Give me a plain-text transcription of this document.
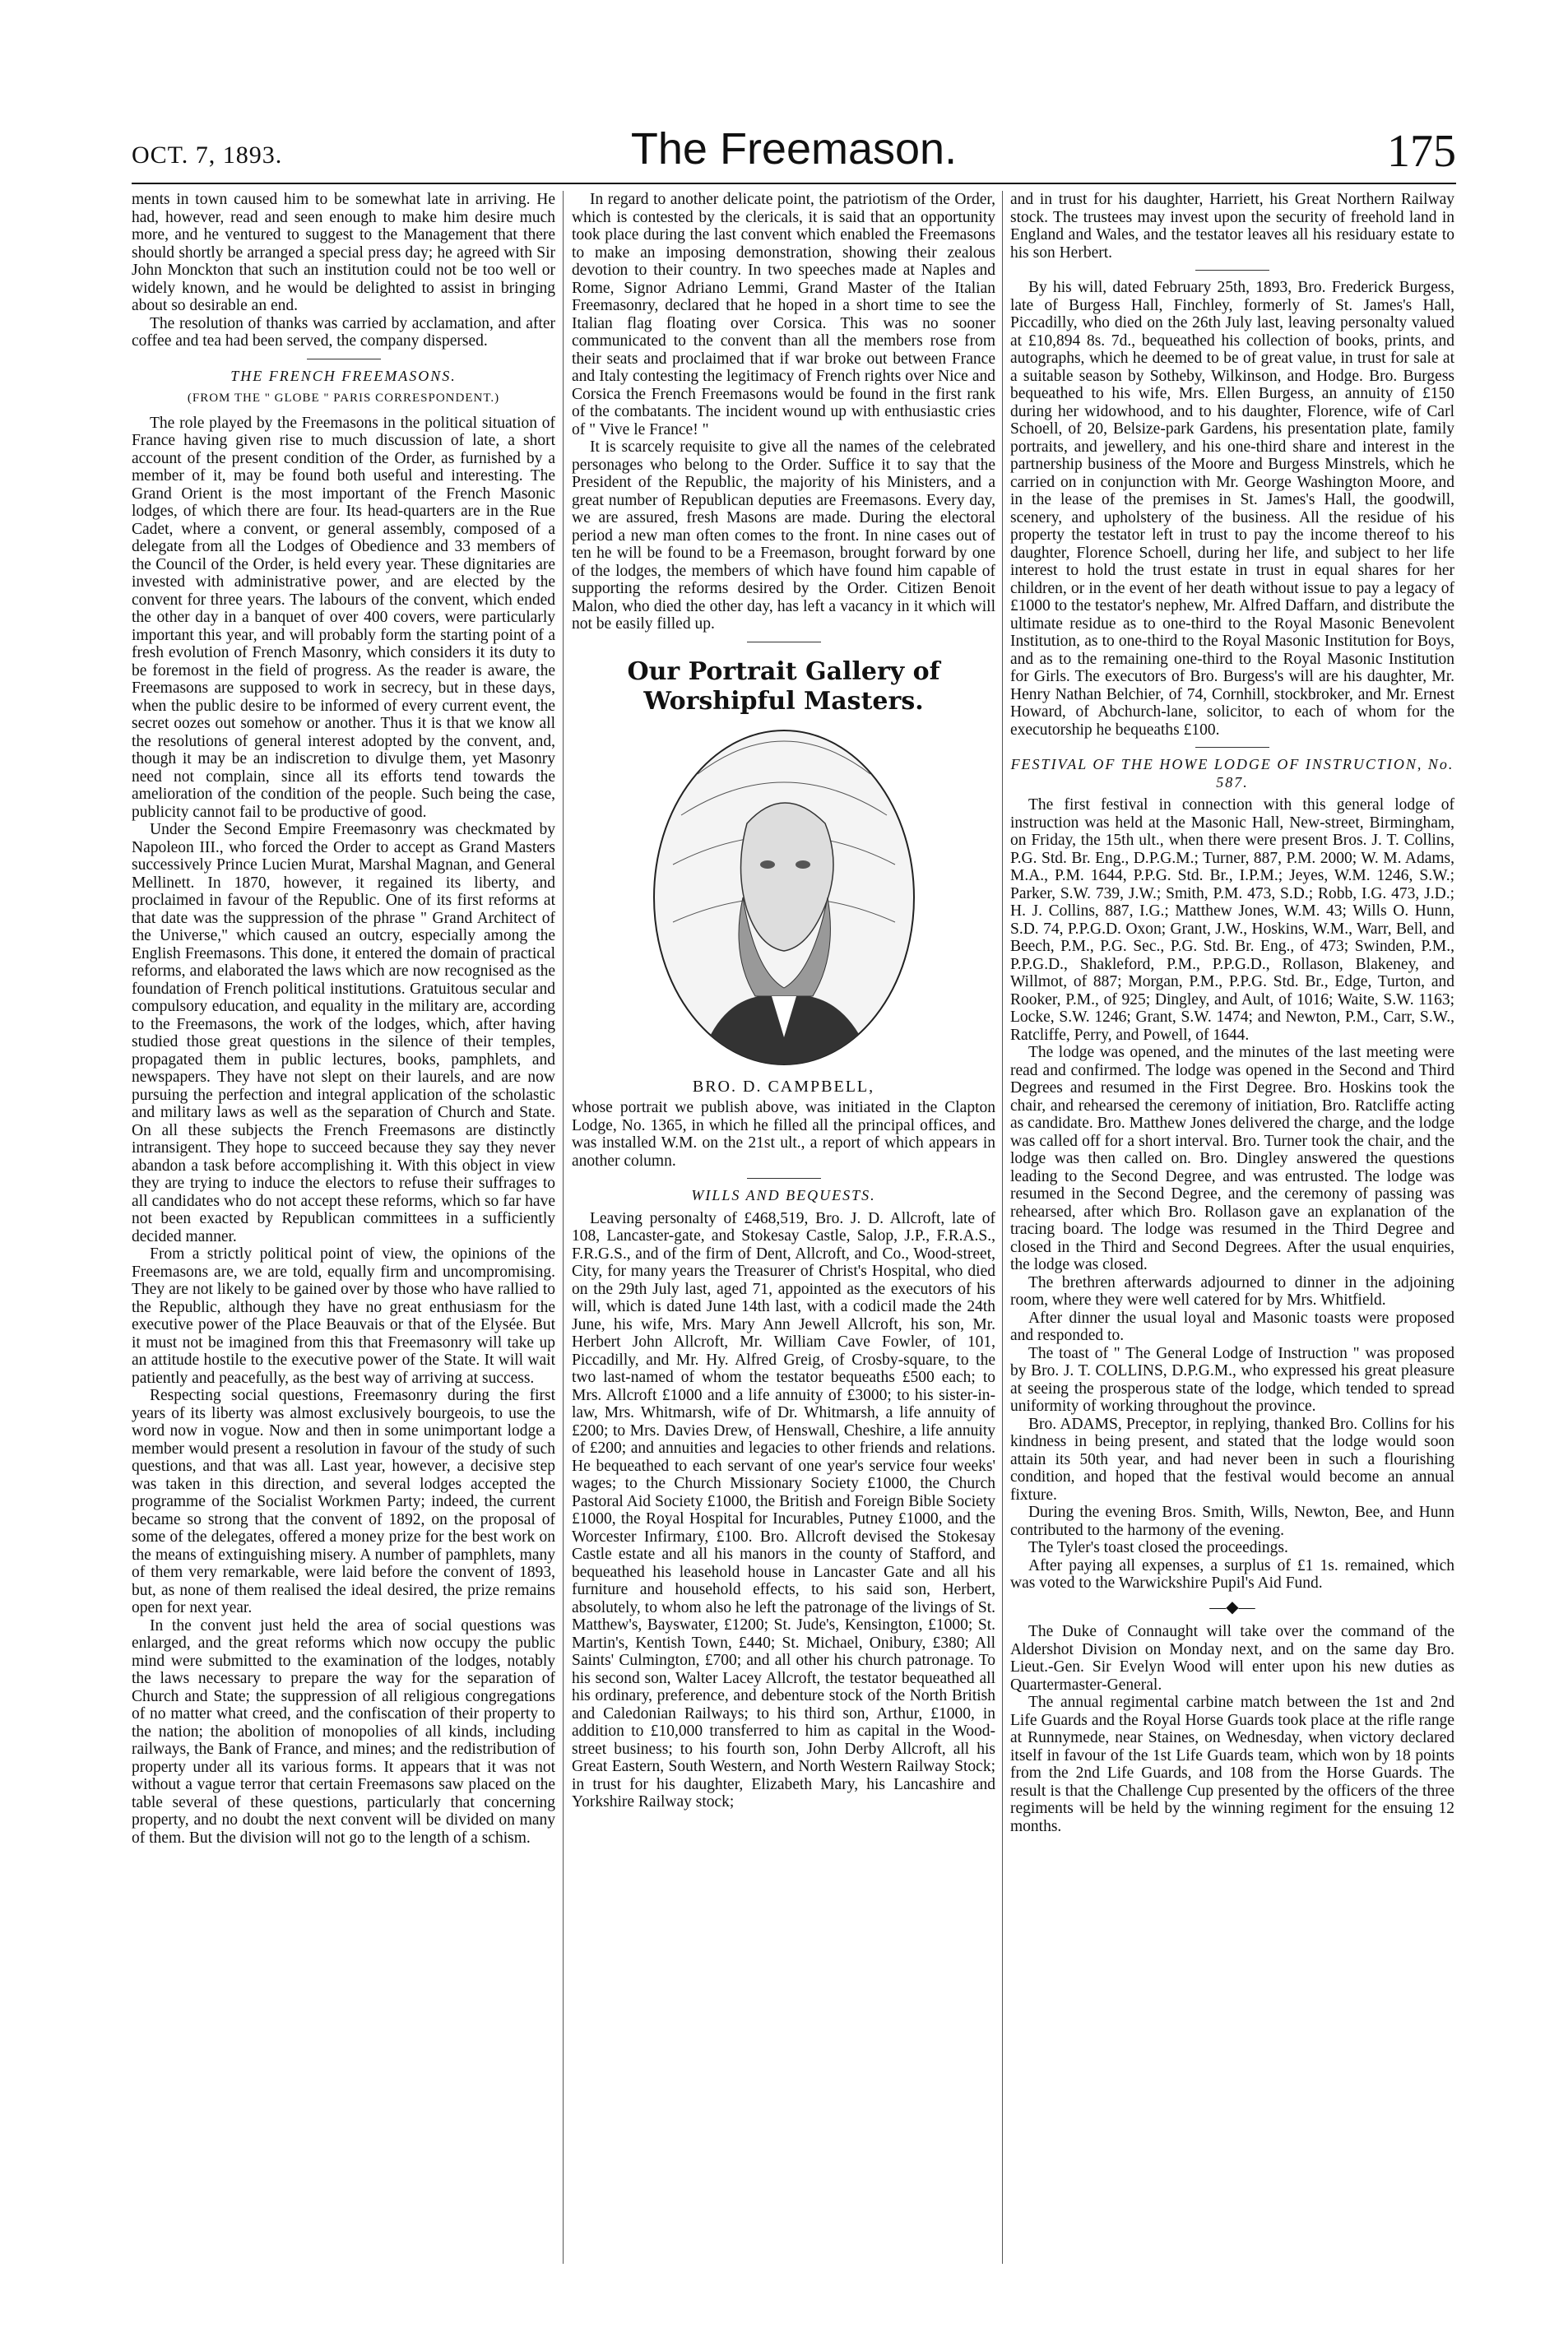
OCT. 7, 1893.	The Freemason.	175

ments in town caused him to be somewhat late in arriving. He had, however, read and seen enough to make him desire much more, and he ventured to suggest to the Management that there should shortly be arranged a special press day; he agreed with Sir John Monckton that such an institution could not be too well or widely known, and he would be delighted to assist in bringing about so desirable an end.

The resolution of thanks was carried by acclamation, and after coffee and tea had been served, the company dispersed.

THE FRENCH FREEMASONS.
(FROM THE " GLOBE " PARIS CORRESPONDENT.)

The role played by the Freemasons in the political situation of France having given rise to much discussion of late, a short account of the present condition of the Order, as furnished by a member of it, may be found both useful and interesting. The Grand Orient is the most important of the French Masonic lodges, of which there are four. Its head-quarters are in the Rue Cadet, where a convent, or general assembly, composed of a delegate from all the Lodges of Obedience and 33 members of the Council of the Order, is held every year. These dignitaries are invested with administrative power, and are elected by the convent for three years. The labours of the convent, which ended the other day in a banquet of over 400 covers, were particularly important this year, and will probably form the starting point of a fresh evolution of French Masonry, which considers it its duty to be foremost in the field of progress. As the reader is aware, the Freemasons are supposed to work in secrecy, but in these days, when the public desire to be informed of every current event, the secret oozes out somehow or another. Thus it is that we know all the resolutions of general interest adopted by the convent, and, though it may be an indiscretion to divulge them, yet Masonry need not complain, since all its efforts tend towards the amelioration of the condition of the people. Such being the case, publicity cannot fail to be productive of good.

Under the Second Empire Freemasonry was checkmated by Napoleon III., who forced the Order to accept as Grand Masters successively Prince Lucien Murat, Marshal Magnan, and General Mellinett. In 1870, however, it regained its liberty, and proclaimed in favour of the Republic. One of its first reforms at that date was the suppression of the phrase " Grand Architect of the Universe," which caused an outcry, especially among the English Freemasons. This done, it entered the domain of practical reforms, and elaborated the laws which are now recognised as the foundation of French political institutions. Gratuitous secular and compulsory education, and equality in the military are, according to the Freemasons, the work of the lodges, which, after having studied those great questions in the silence of their temples, propagated them in public lectures, books, pamphlets, and newspapers. They have not slept on their laurels, and are now pursuing the perfection and integral application of the scholastic and military laws as well as the separation of Church and State. On all these subjects the French Freemasons are distinctly intransigent. They hope to succeed because they say they never abandon a task before accomplishing it. With this object in view they are trying to induce the electors to refuse their suffrages to all candidates who do not accept these reforms, which so far have not been exacted by Republican committees in a sufficiently decided manner.

From a strictly political point of view, the opinions of the Freemasons are, we are told, equally firm and uncompromising. They are not likely to be gained over by those who have rallied to the Republic, although they have no great enthusiasm for the executive power of the Place Beauvais or that of the Elysée. But it must not be imagined from this that Freemasonry will take up an attitude hostile to the executive power of the State. It will wait patiently and peacefully, as the best way of arriving at success.

Respecting social questions, Freemasonry during the first years of its liberty was almost exclusively bourgeois, to use the word now in vogue. Now and then in some unimportant lodge a member would present a resolution in favour of the study of such questions, and that was all. Last year, however, a decisive step was taken in this direction, and several lodges accepted the programme of the Socialist Workmen Party; indeed, the current became so strong that the convent of 1892, on the proposal of some of the delegates, offered a money prize for the best work on the means of extinguishing misery. A number of pamphlets, many of them very remarkable, were laid before the convent of 1893, but, as none of them realised the ideal desired, the prize remains open for next year.

In the convent just held the area of social questions was enlarged, and the great reforms which now occupy the public mind were submitted to the examination of the lodges, notably the laws necessary to prepare the way for the separation of Church and State; the suppression of all religious congregations of no matter what creed, and the confiscation of their property to the nation; the abolition of monopolies of all kinds, including railways, the Bank of France, and mines; and the redistribution of property under all its various forms. It appears that it was not without a vague terror that certain Freemasons saw placed on the table several of these questions, particularly that concerning property, and no doubt the next convent will be divided on many of them. But the division will not go to the length of a schism.

In regard to another delicate point, the patriotism of the Order, which is contested by the clericals, it is said that an opportunity took place during the last convent which enabled the Freemasons to make an imposing demonstration, showing their zealous devotion to their country. In two speeches made at Naples and Rome, Signor Adriano Lemmi, Grand Master of the Italian Freemasonry, declared that he hoped in a short time to see the Italian flag floating over Corsica. This was no sooner communicated to the convent than all the members rose from their seats and proclaimed that if war broke out between France and Italy contesting the legitimacy of French rights over Nice and Corsica the French Freemasons would be found in the first rank of the combatants. The incident wound up with enthusiastic cries of " Vive le France! "

It is scarcely requisite to give all the names of the celebrated personages who belong to the Order. Suffice it to say that the President of the Republic, the majority of his Ministers, and a great number of Republican deputies are Freemasons. Every day, we are assured, fresh Masons are made. During the electoral period a new man often comes to the front. In nine cases out of ten he will be found to be a Freemason, brought forward by one of the lodges, the members of which have found him capable of supporting the reforms desired by the Order. Citizen Benoit Malon, who died the other day, has left a vacancy in it which will not be easily filled up.

Our Portrait Gallery of Worshipful Masters.
BRO. D. CAMPBELL,

whose portrait we publish above, was initiated in the Clapton Lodge, No. 1365, in which he filled all the principal offices, and was installed W.M. on the 21st ult., a report of which appears in another column.

WILLS AND BEQUESTS.

Leaving personalty of £468,519, Bro. J. D. Allcroft, late of 108, Lancaster-gate, and Stokesay Castle, Salop, J.P., F.R.A.S., F.R.G.S., and of the firm of Dent, Allcroft, and Co., Wood-street, City, for many years the Treasurer of Christ's Hospital, who died on the 29th July last, aged 71, appointed as the executors of his will, which is dated June 14th last, with a codicil made the 24th June, his wife, Mrs. Mary Ann Jewell Allcroft, his son, Mr. Herbert John Allcroft, Mr. William Cave Fowler, of 101, Piccadilly, and Mr. Hy. Alfred Greig, of Crosby-square, to the two last-named of whom the testator bequeaths £500 each; to Mrs. Allcroft £1000 and a life annuity of £3000; to his sister-in-law, Mrs. Whitmarsh, wife of Dr. Whitmarsh, a life annuity of £200; to Mrs. Davies Drew, of Henswall, Cheshire, a life annuity of £200; and annuities and legacies to other friends and relations. He bequeathed to each servant of one year's service four weeks' wages; to the Church Missionary Society £1000, the Church Pastoral Aid Society £1000, the British and Foreign Bible Society £1000, the Royal Hospital for Incurables, Putney £1000, and the Worcester Infirmary, £100. Bro. Allcroft devised the Stokesay Castle estate and all his manors in the county of Stafford, and bequeathed his leasehold house in Lancaster Gate and all his furniture and household effects, to his said son, Herbert, absolutely, to whom also he left the patronage of the livings of St. Matthew's, Bayswater, £1200; St. Jude's, Kensington, £1000; St. Martin's, Kentish Town, £440; St. Michael, Onibury, £380; All Saints' Culmington, £700; and all other his church patronage. To his second son, Walter Lacey Allcroft, the testator bequeathed all his ordinary, preference, and debenture stock of the North British and Caledonian Railways; to his third son, Arthur, £1000, in addition to £10,000 transferred to him as capital in the Wood-street business; to his fourth son, John Derby Allcroft, all his Great Eastern, South Western, and North Western Railway Stock; in trust for his daughter, Elizabeth Mary, his Lancashire and Yorkshire Railway stock;

and in trust for his daughter, Harriett, his Great Northern Railway stock. The trustees may invest upon the security of freehold land in England and Wales, and the testator leaves all his residuary estate to his son Herbert.

By his will, dated February 25th, 1893, Bro. Frederick Burgess, late of Burgess Hall, Finchley, formerly of St. James's Hall, Piccadilly, who died on the 26th July last, leaving personalty valued at £10,894 8s. 7d., bequeathed his collection of books, prints, and autographs, which he deemed to be of great value, in trust for sale at a suitable season by Sotheby, Wilkinson, and Hodge. Bro. Burgess bequeathed to his wife, Mrs. Ellen Burgess, an annuity of £150 during her widowhood, and to his daughter, Florence, wife of Carl Schoell, of 20, Belsize-park Gardens, his presentation plate, family portraits, and jewellery, and his one-third share and interest in the partnership business of the Moore and Burgess Minstrels, which he carried on in conjunction with Mr. George Washington Moore, and in the lease of the premises in St. James's Hall, the goodwill, scenery, and upholstery of the business. All the residue of his property the testator left in trust to pay the income thereof to his daughter, Florence Schoell, during her life, and subject to her life interest to hold the trust estate in trust in equal shares for her children, or in the event of her death without issue to pay a legacy of £1000 to the testator's nephew, Mr. Alfred Daffarn, and distribute the ultimate residue as to one-third to the Royal Masonic Benevolent Institution, as to one-third to the Royal Masonic Institution for Boys, and as to the remaining one-third to the Royal Masonic Institution for Girls. The executors of Bro. Burgess's will are his daughter, Mr. Henry Nathan Belchier, of 74, Cornhill, stockbroker, and Mr. Ernest Howard, of Abchurch-lane, solicitor, to each of whom for the executorship he bequeaths £100.

FESTIVAL OF THE HOWE LODGE OF INSTRUCTION, No. 587.

The first festival in connection with this general lodge of instruction was held at the Masonic Hall, New-street, Birmingham, on Friday, the 15th ult., when there were present Bros. J. T. Collins, P.G. Std. Br. Eng., D.P.G.M.; Turner, 887, P.M. 2000; W. M. Adams, M.A., P.M. 1644, P.P.G. Std. Br., I.P.M.; Jeyes, W.M. 1246, S.W.; Parker, S.W. 739, J.W.; Smith, P.M. 473, S.D.; Robb, I.G. 473, J.D.; H. J. Collins, 887, I.G.; Matthew Jones, W.M. 43; Wills O. Hunn, S.D. 74, P.P.G.D. Oxon; Grant, J.W., Hoskins, W.M., Warr, Bell, and Beech, P.M., P.G. Sec., P.G. Std. Br. Eng., of 473; Swinden, P.M., P.P.G.D., Shakleford, P.M., P.P.G.D., Rollason, Blakeney, and Willmot, of 887; Morgan, P.M., P.P.G. Std. Br., Edge, Turton, and Rooker, P.M., of 925; Dingley, and Ault, of 1016; Waite, S.W. 1163; Locke, S.W. 1246; Grant, S.W. 1474; and Newton, P.M., Carr, S.W., Ratcliffe, Perry, and Powell, of 1644.

The lodge was opened, and the minutes of the last meeting were read and confirmed. The lodge was opened in the Second and Third Degrees and resumed in the First Degree. Bro. Hoskins took the chair, and rehearsed the ceremony of initiation, Bro. Ratcliffe acting as candidate. Bro. Matthew Jones delivered the charge, and the lodge was called off for a short interval. Bro. Turner took the chair, and the lodge was then called on. Bro. Dingley answered the questions leading to the Second Degree, and was entrusted. The lodge was resumed in the Second Degree, and the ceremony of passing was rehearsed, after which Bro. Rollason gave an explanation of the tracing board. The lodge was resumed in the Third Degree and closed in the Third and Second Degrees. After the usual enquiries, the lodge was closed.

The brethren afterwards adjourned to dinner in the adjoining room, where they were well catered for by Mrs. Whitfield.

After dinner the usual loyal and Masonic toasts were proposed and responded to.

The toast of " The General Lodge of Instruction " was proposed by Bro. J. T. COLLINS, D.P.G.M., who expressed his great pleasure at seeing the prosperous state of the lodge, which tended to spread uniformity of working throughout the province.

Bro. ADAMS, Preceptor, in replying, thanked Bro. Collins for his kindness in being present, and stated that the lodge would soon attain its 50th year, and had never been in such a flourishing condition, and hoped that the festival would become an annual fixture.

During the evening Bros. Smith, Wills, Newton, Bee, and Hunn contributed to the harmony of the evening.

The Tyler's toast closed the proceedings.

After paying all expenses, a surplus of £1 1s. remained, which was voted to the Warwickshire Pupil's Aid Fund.

—◆—

The Duke of Connaught will take over the command of the Aldershot Division on Monday next, and on the same day Bro. Lieut.-Gen. Sir Evelyn Wood will enter upon his new duties as Quartermaster-General.

The annual regimental carbine match between the 1st and 2nd Life Guards and the Royal Horse Guards took place at the rifle range at Runnymede, near Staines, on Wednesday, when victory declared itself in favour of the 1st Life Guards team, which won by 18 points from the 2nd Life Guards, and 108 from the Horse Guards. The result is that the Challenge Cup presented by the officers of the three regiments will be held by the winning regiment for the ensuing 12 months.
